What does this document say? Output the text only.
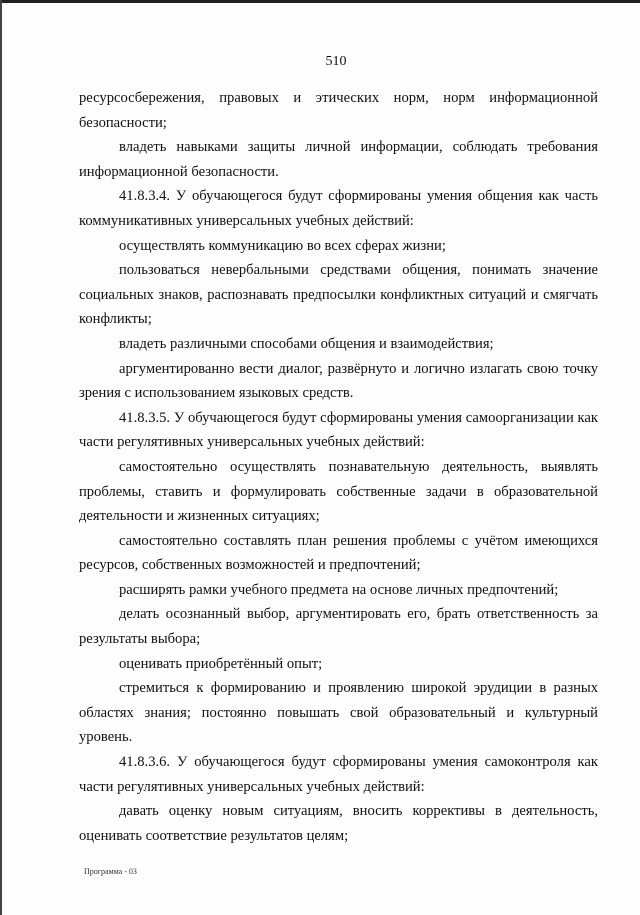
510

ресурсосбережения, правовых и этических норм, норм информационной безопасности;

владеть навыками защиты личной информации, соблюдать требования информационной безопасности.

41.8.3.4. У обучающегося будут сформированы умения общения как часть коммуникативных универсальных учебных действий:

осуществлять коммуникацию во всех сферах жизни;

пользоваться невербальными средствами общения, понимать значение социальных знаков, распознавать предпосылки конфликтных ситуаций и смягчать конфликты;

владеть различными способами общения и взаимодействия;

аргументированно вести диалог, развёрнуто и логично излагать свою точку зрения с использованием языковых средств.

41.8.3.5. У обучающегося будут сформированы умения самоорганизации как части регулятивных универсальных учебных действий:

самостоятельно осуществлять познавательную деятельность, выявлять проблемы, ставить и формулировать собственные задачи в образовательной деятельности и жизненных ситуациях;

самостоятельно составлять план решения проблемы с учётом имеющихся ресурсов, собственных возможностей и предпочтений;

расширять рамки учебного предмета на основе личных предпочтений;

делать осознанный выбор, аргументировать его, брать ответственность за результаты выбора;

оценивать приобретённый опыт;

стремиться к формированию и проявлению широкой эрудиции в разных областях знания; постоянно повышать свой образовательный и культурный уровень.

41.8.3.6. У обучающегося будут сформированы умения самоконтроля как части регулятивных универсальных учебных действий:

давать оценку новым ситуациям, вносить коррективы в деятельность, оценивать соответствие результатов целям;

Программа - 03
